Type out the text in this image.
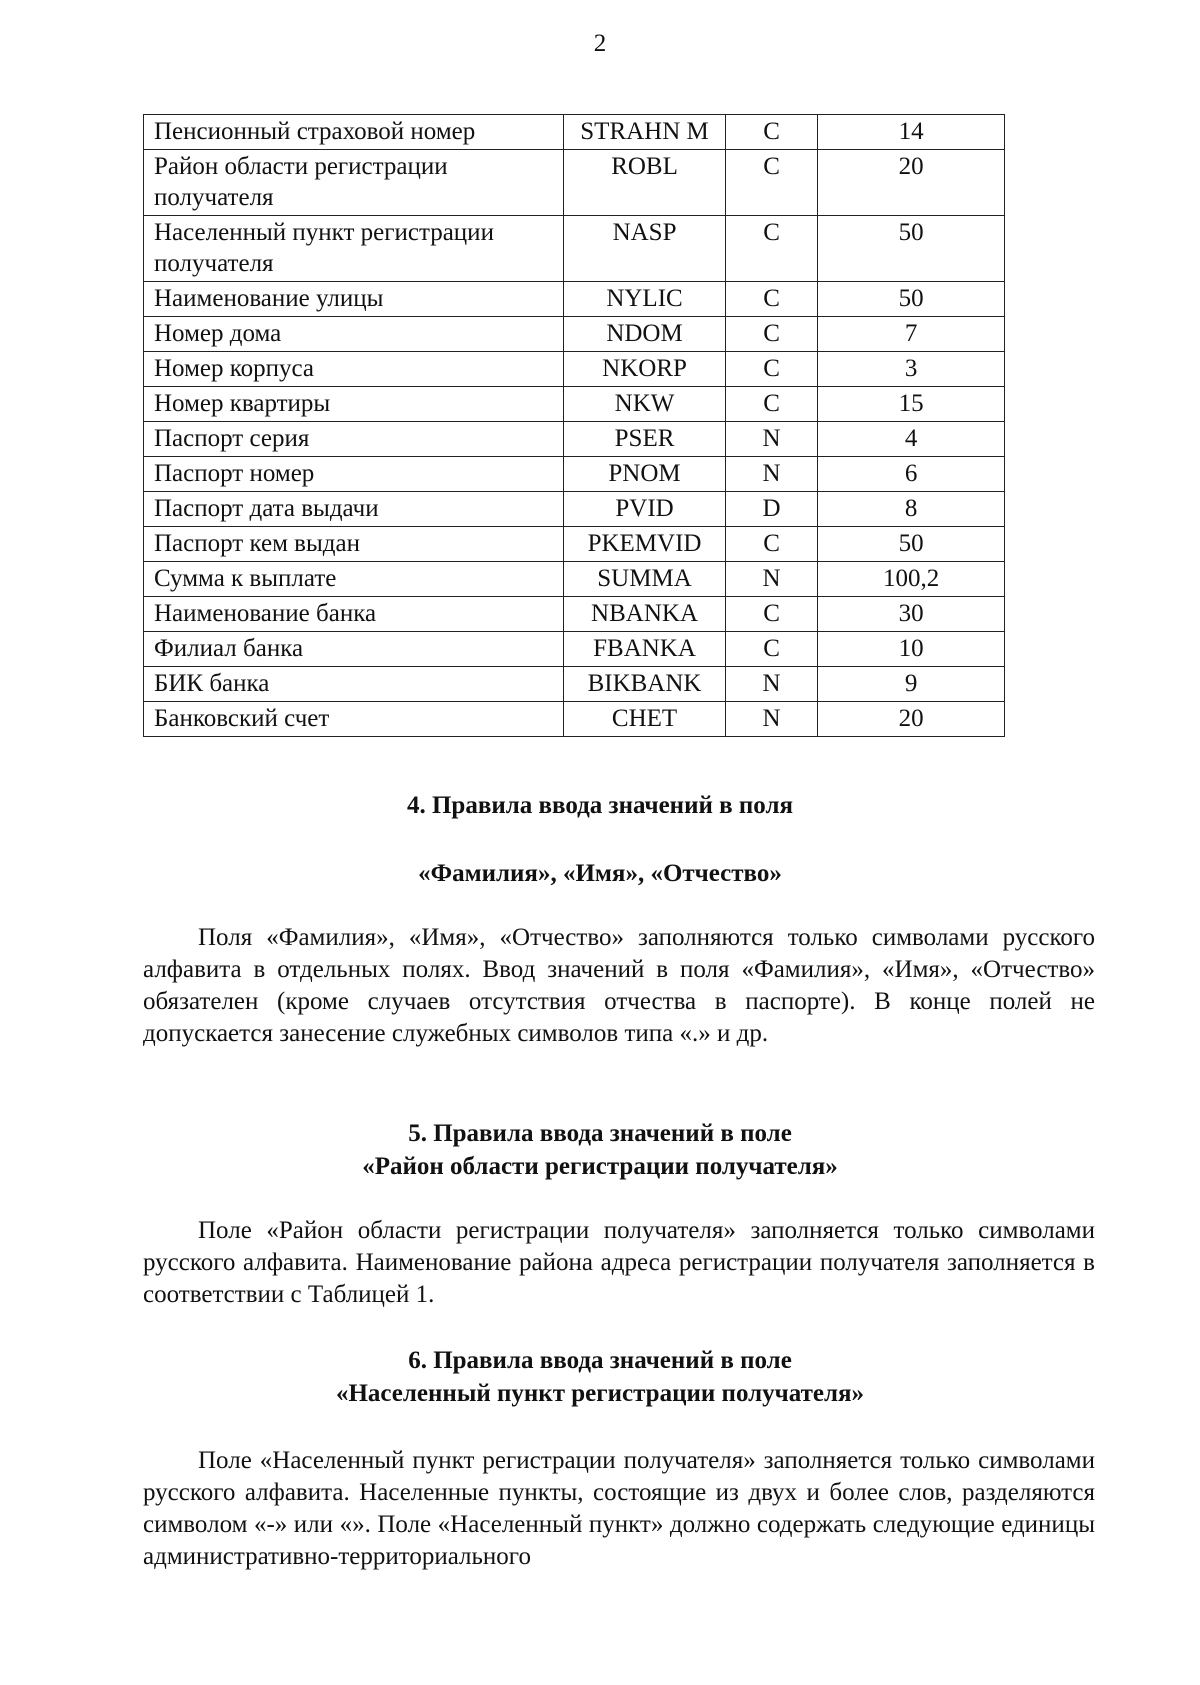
2
Пенсионный страховой номер	STRAHN M	C	14
Район области регистрации получателя	ROBL	C	20
Населенный пункт регистрации получателя	NASP	C	50
Наименование улицы	NYLIC	C	50
Номер дома	NDOM	C	7
Номер корпуса	NKORP	C	3
Номер квартиры	NKW	C	15
Паспорт серия	PSER	N	4
Паспорт номер	PNOM	N	6
Паспорт дата выдачи	PVID	D	8
Паспорт кем выдан	PKEMVID	C	50
Сумма к выплате	SUMMA	N	100,2
Наименование банка	NBANKA	C	30
Филиал банка	FBANKA	C	10
БИК банка	BIKBANK	N	9
Банковский счет	CHET	N	20
4. Правила ввода значений в поля
«Фамилия», «Имя», «Отчество»

Поля «Фамилия», «Имя», «Отчество» заполняются только символами русского алфавита в отдельных полях. Ввод значений в поля «Фамилия», «Имя», «Отчество» обязателен (кроме случаев отсутствия отчества в паспорте). В конце полей не допускается занесение служебных символов типа «.» и др.

5. Правила ввода значений в поле
«Район области регистрации получателя»

Поле «Район области регистрации получателя» заполняется только символами русского алфавита. Наименование района адреса регистрации получателя заполняется в соответствии с Таблицей 1.

6. Правила ввода значений в поле
«Населенный пункт регистрации получателя»

Поле «Населенный пункт регистрации получателя» заполняется только символами русского алфавита. Населенные пункты, состоящие из двух и более слов, разделяются символом «-» или «». Поле «Населенный пункт» должно содержать следующие единицы административно-территориального
